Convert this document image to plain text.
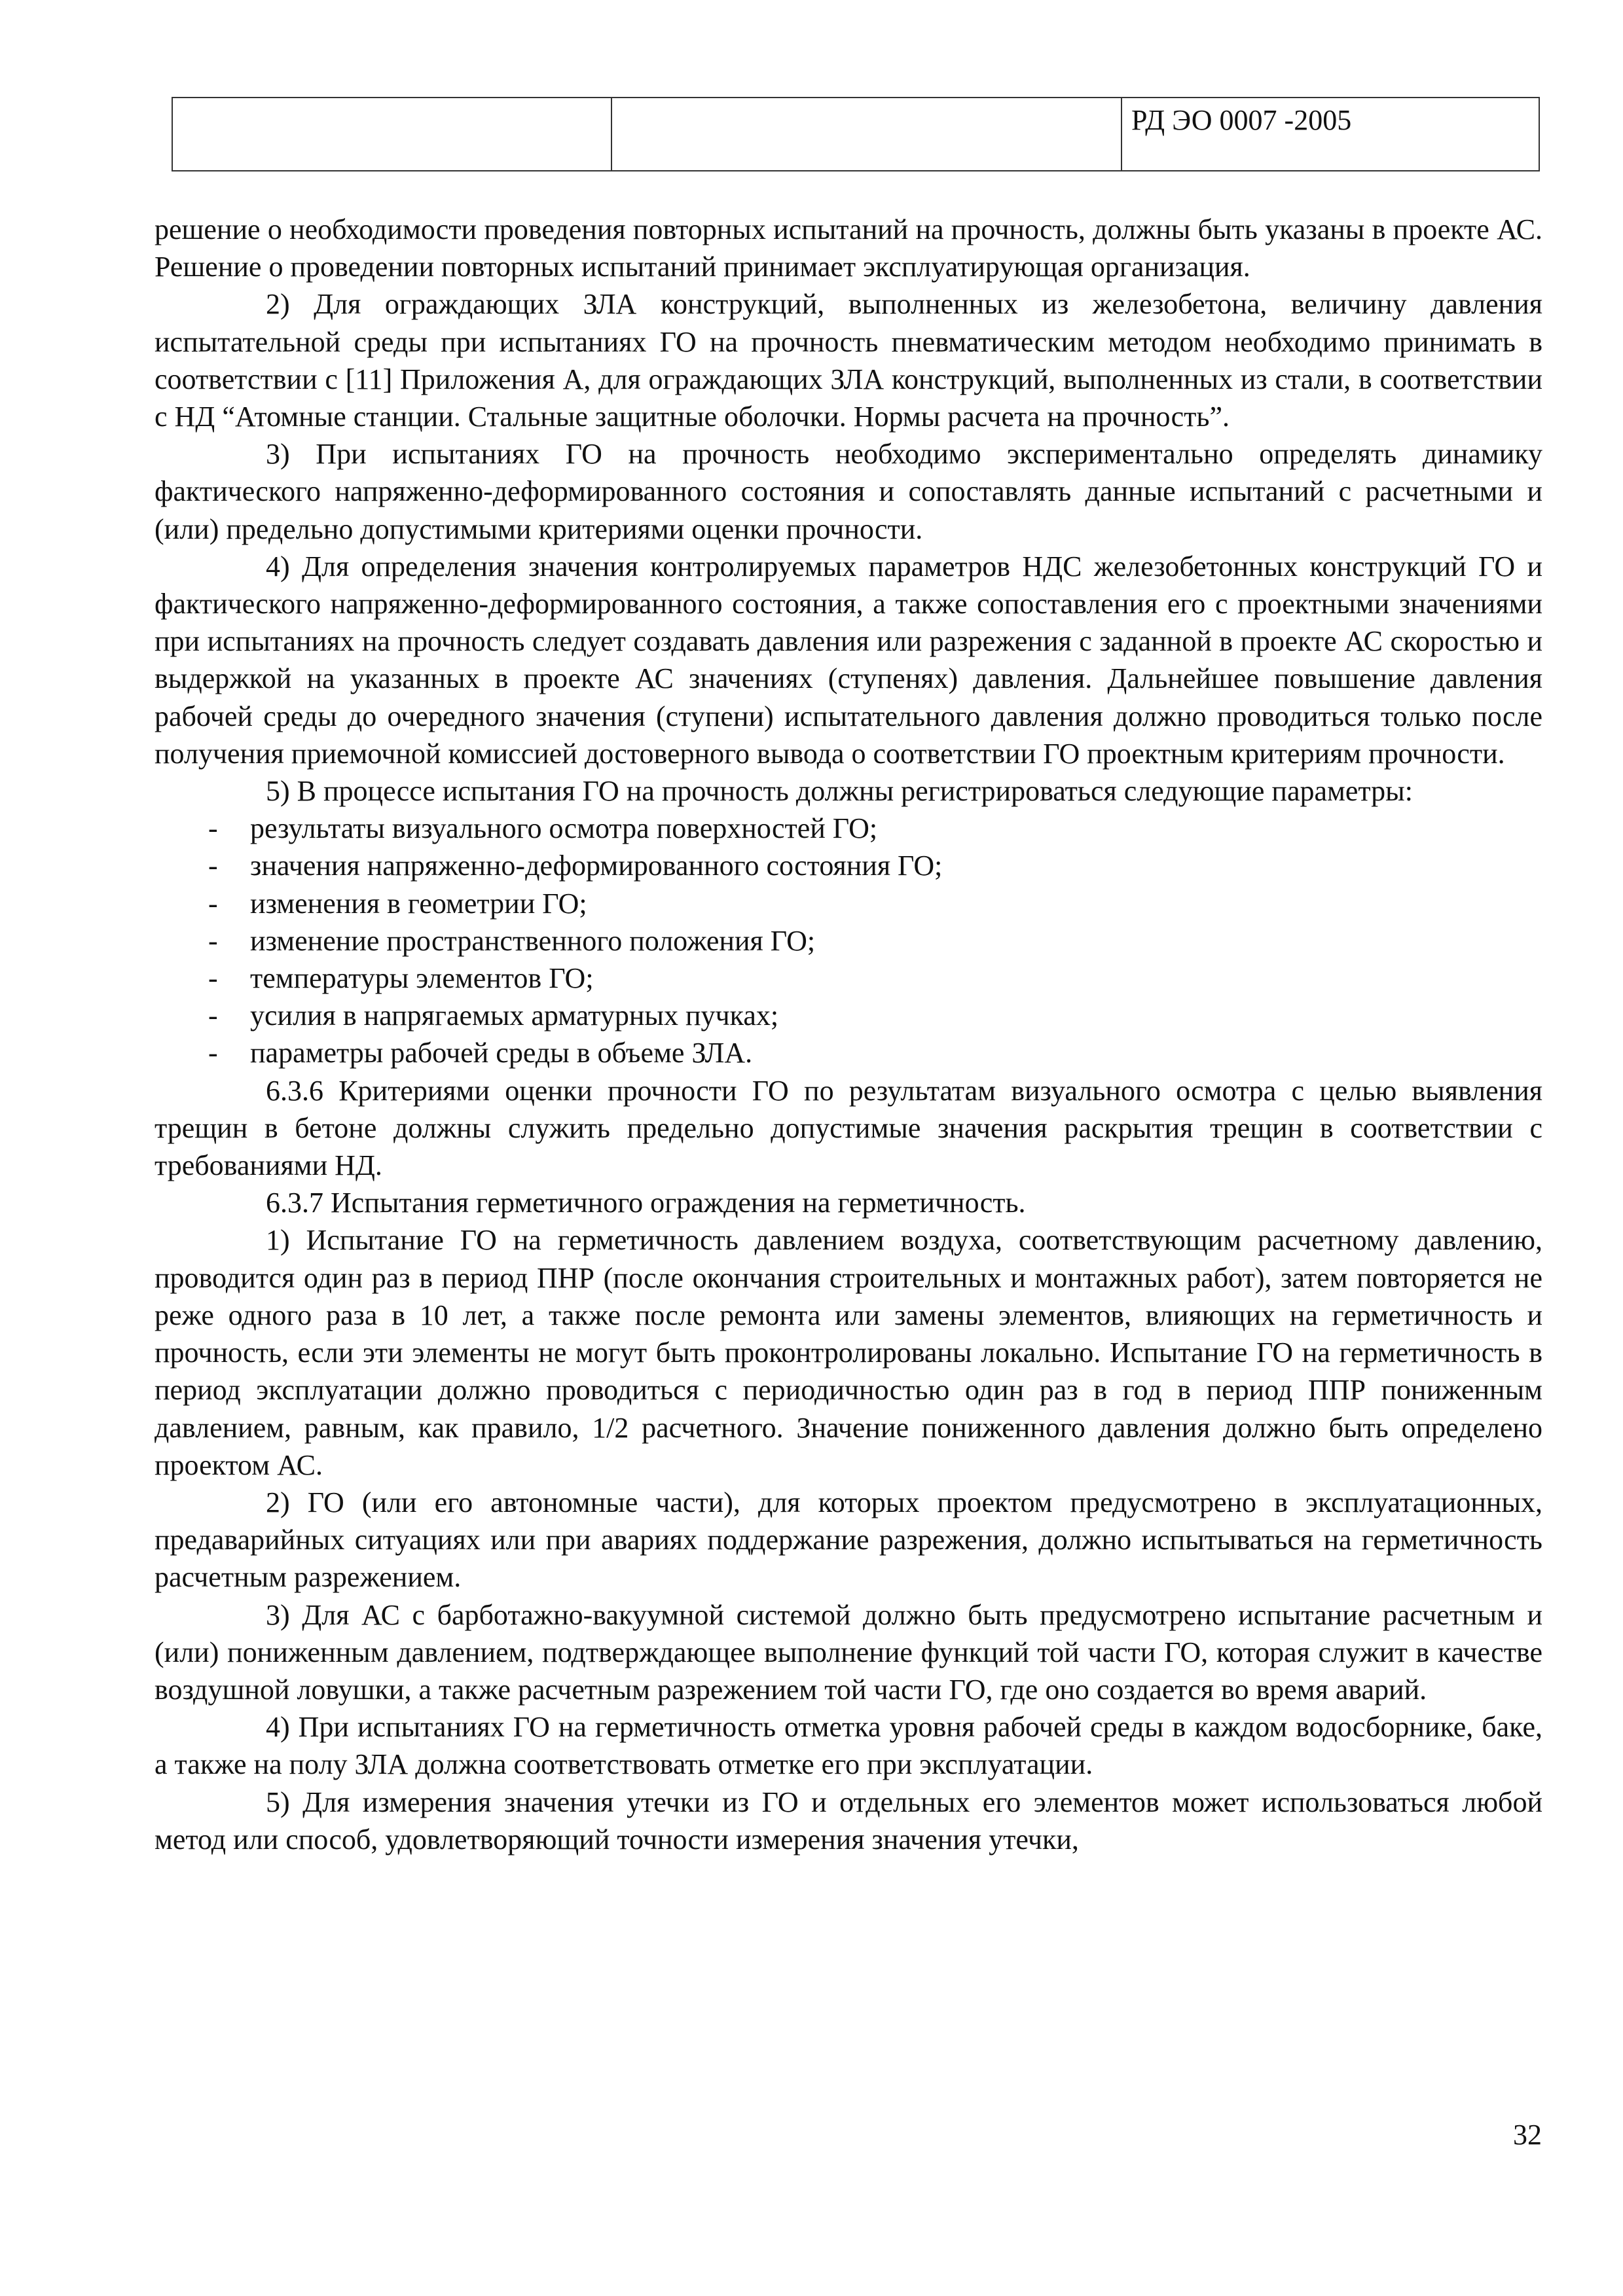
		РД ЭО 0007 -2005

решение о необходимости проведения повторных испытаний на прочность, должны быть указаны в проекте АС. Решение о проведении повторных испытаний принимает эксплуатирующая организация.

2) Для ограждающих ЗЛА конструкций, выполненных из железобетона, величину давления испытательной среды при испытаниях ГО на прочность пневматическим методом необходимо принимать в соответствии с [11] Приложения А, для ограждающих ЗЛА конструкций, выполненных из стали, в соответствии с НД “Атомные станции. Стальные защитные оболочки. Нормы расчета на прочность”.

3) При испытаниях ГО на прочность необходимо экспериментально определять динамику фактического напряженно-деформированного состояния и сопоставлять данные испытаний с расчетными и (или) предельно допустимыми критериями оценки прочности.

4) Для определения значения контролируемых параметров НДС железобетонных конструкций ГО и фактического напряженно-деформированного состояния, а также сопоставления его с проектными значениями при испытаниях на прочность следует создавать давления или разрежения с заданной в проекте АС скоростью и выдержкой на указанных в проекте АС значениях (ступенях) давления. Дальнейшее повышение давления рабочей среды до очередного значения (ступени) испытательного давления должно проводиться только после получения приемочной комиссией достоверного вывода о соответствии ГО проектным критериям прочности.

5) В процессе испытания ГО на прочность должны регистрироваться следующие параметры:

- результаты визуального осмотра поверхностей ГО;
- значения напряженно-деформированного состояния ГО;
- изменения в геометрии ГО;
- изменение пространственного положения ГО;
- температуры элементов ГО;
- усилия в напрягаемых арматурных пучках;
- параметры рабочей среды в объеме ЗЛА.

6.3.6 Критериями оценки прочности ГО по результатам визуального осмотра с целью выявления трещин в бетоне должны служить предельно допустимые значения раскрытия трещин в соответствии с требованиями НД.

6.3.7 Испытания герметичного ограждения на герметичность.

1) Испытание ГО на герметичность давлением воздуха, соответствующим расчетному давлению, проводится один раз в период ПНР (после окончания строительных и монтажных работ), затем повторяется не реже одного раза в 10 лет, а также после ремонта или замены элементов, влияющих на герметичность и прочность, если эти элементы не могут быть проконтролированы локально. Испытание ГО на герметичность в период эксплуатации должно проводиться с периодичностью один раз в год в период ППР пониженным давлением, равным, как правило, 1/2 расчетного. Значение пониженного давления должно быть определено проектом АС.

2) ГО (или его автономные части), для которых проектом предусмотрено в эксплуатационных, предаварийных ситуациях или при авариях поддержание разрежения, должно испытываться на герметичность расчетным разрежением.

3) Для АС с барботажно-вакуумной системой должно быть предусмотрено испытание расчетным и (или) пониженным давлением, подтверждающее выполнение функций той части ГО, которая служит в качестве воздушной ловушки, а также расчетным разрежением той части ГО, где оно создается во время аварий.

4) При испытаниях ГО на герметичность отметка уровня рабочей среды в каждом водосборнике, баке, а также на полу ЗЛА должна соответствовать отметке его при эксплуатации.

5) Для измерения значения утечки из ГО и отдельных его элементов может использоваться любой метод или способ, удовлетворяющий точности измерения значения утечки,

32
